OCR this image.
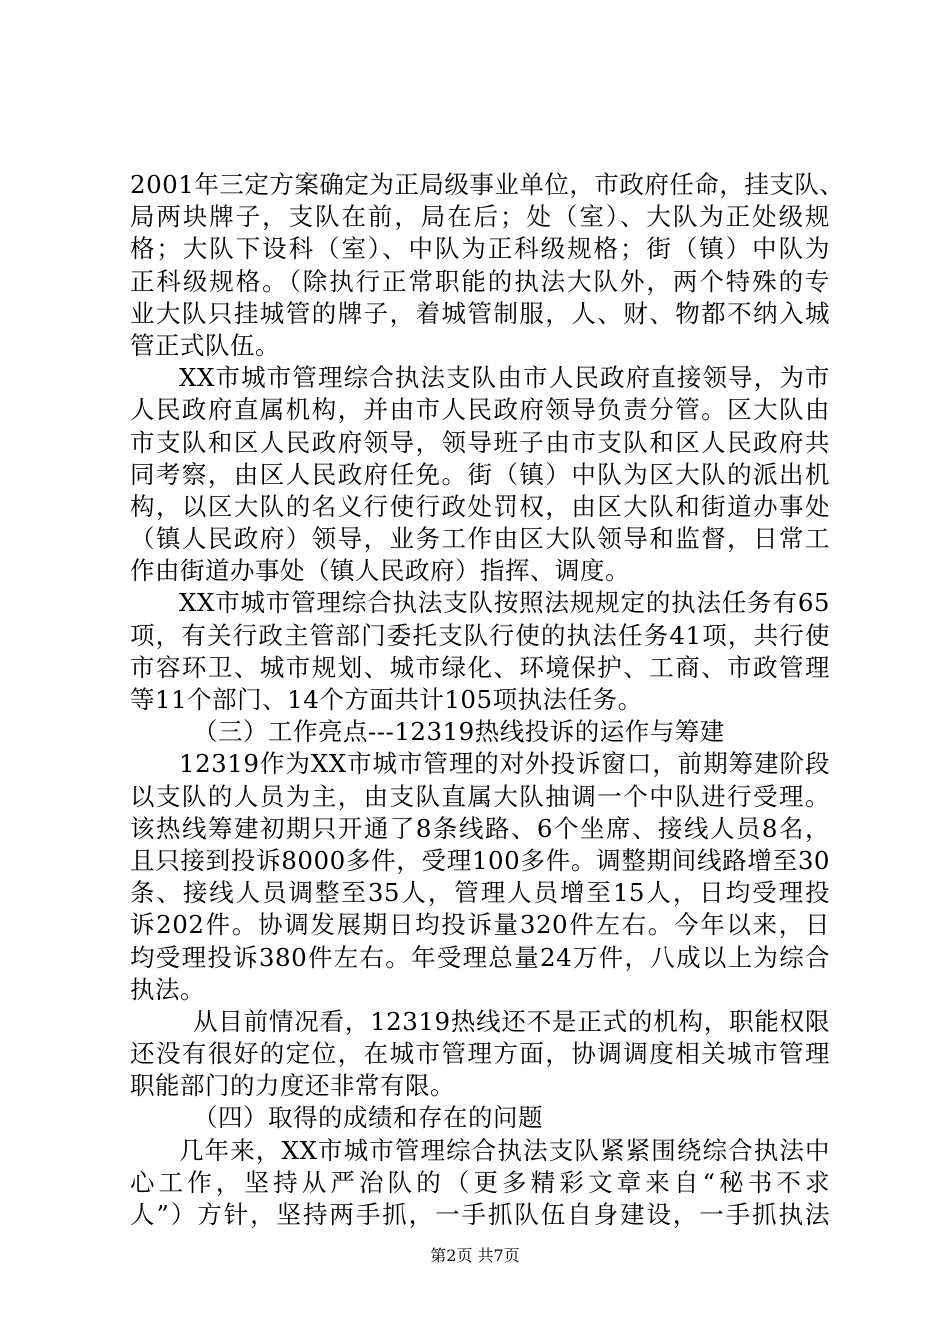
2001年三定方案确定为正局级事业单位，市政府任命，挂支队、
局两块牌子，支队在前，局在后；处（室）、大队为正处级规
格；大队下设科（室）、中队为正科级规格；街（镇）中队为
正科级规格。（除执行正常职能的执法大队外，两个特殊的专
业大队只挂城管的牌子，着城管制服，人、财、物都不纳入城
管正式队伍。
XX市城市管理综合执法支队由市人民政府直接领导，为市
人民政府直属机构，并由市人民政府领导负责分管。区大队由
市支队和区人民政府领导，领导班子由市支队和区人民政府共
同考察，由区人民政府任免。街（镇）中队为区大队的派出机
构，以区大队的名义行使行政处罚权，由区大队和街道办事处
（镇人民政府）领导，业务工作由区大队领导和监督，日常工
作由街道办事处（镇人民政府）指挥、调度。
XX市城市管理综合执法支队按照法规规定的执法任务有65
项，有关行政主管部门委托支队行使的执法任务41项，共行使
市容环卫、城市规划、城市绿化、环境保护、工商、市政管理
等11个部门、14个方面共计105项执法任务。
（三）工作亮点---12319热线投诉的运作与筹建
12319作为XX市城市管理的对外投诉窗口，前期筹建阶段
以支队的人员为主，由支队直属大队抽调一个中队进行受理。
该热线筹建初期只开通了8条线路、6个坐席、接线人员8名，
且只接到投诉8000多件，受理100多件。调整期间线路增至30
条、接线人员调整至35人，管理人员增至15人，日均受理投
诉202件。协调发展期日均投诉量320件左右。今年以来，日
均受理投诉380件左右。年受理总量24万件，八成以上为综合
执法。
从目前情况看，12319热线还不是正式的机构，职能权限
还没有很好的定位，在城市管理方面，协调调度相关城市管理
职能部门的力度还非常有限。
（四）取得的成绩和存在的问题
几年来，XX市城市管理综合执法支队紧紧围绕综合执法中
心工作，坚持从严治队的（更多精彩文章来自“秘书不求
人”）方针，坚持两手抓，一手抓队伍自身建设，一手抓执法
第2页 共7页
